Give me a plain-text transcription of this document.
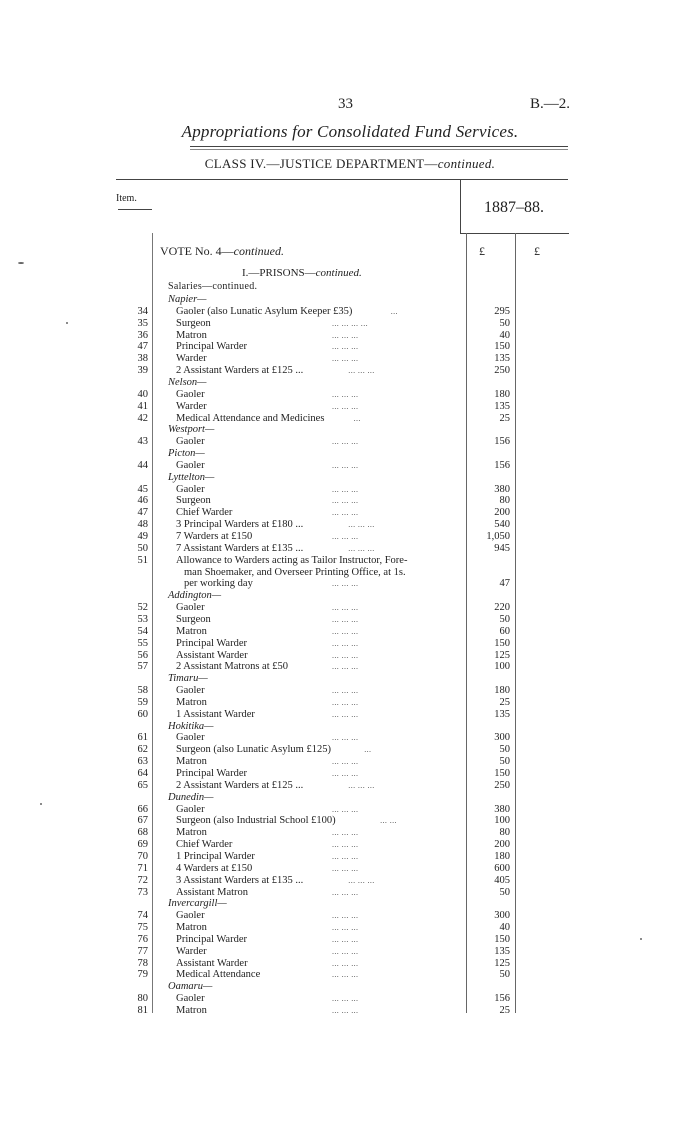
33	B.—2.
Appropriations for Consolidated Fund Services.
CLASS IV.—JUSTICE DEPARTMENT—continued.
Item.
1887–88.
VOTE No. 4—continued.	£	£
I.—PRISONS—continued.
Salaries—continued.
Napier—
34	Gaoler (also Lunatic Asylum Keeper £35)	...	295
35	Surgeon	... ... ... ...	50
36	Matron	... ... ...	40
47	Principal Warder	... ... ...	150
38	Warder	... ... ...	135
39	2 Assistant Warders at £125 ...	... ... ...	250
Nelson—
40	Gaoler	... ... ...	180
41	Warder	... ... ...	135
42	Medical Attendance and Medicines	...	25
Westport—
43	Gaoler	... ... ...	156
Picton—
44	Gaoler	... ... ...	156
Lyttelton—
45	Gaoler	... ... ...	380
46	Surgeon	... ... ...	80
47	Chief Warder	... ... ...	200
48	3 Principal Warders at £180 ...	... ... ...	540
49	7 Warders at £150	... ... ...	1,050
50	7 Assistant Warders at £135 ...	... ... ...	945
51	Allowance to Warders acting as Tailor Instructor, Fore-
man Shoemaker, and Overseer Printing Office, at 1s.
per working day	... ... ...	47
Addington—
52	Gaoler	... ... ...	220
53	Surgeon	... ... ...	50
54	Matron	... ... ...	60
55	Principal Warder	... ... ...	150
56	Assistant Warder	... ... ...	125
57	2 Assistant Matrons at £50	... ... ...	100
Timaru—
58	Gaoler	... ... ...	180
59	Matron	... ... ...	25
60	1 Assistant Warder	... ... ...	135
Hokitika—
61	Gaoler	... ... ...	300
62	Surgeon (also Lunatic Asylum £125)	...	50
63	Matron	... ... ...	50
64	Principal Warder	... ... ...	150
65	2 Assistant Warders at £125 ...	... ... ...	250
Dunedin—
66	Gaoler	... ... ...	380
67	Surgeon (also Industrial School £100)	... ...	100
68	Matron	... ... ...	80
69	Chief Warder	... ... ...	200
70	1 Principal Warder	... ... ...	180
71	4 Warders at £150	... ... ...	600
72	3 Assistant Warders at £135 ...	... ... ...	405
73	Assistant Matron	... ... ...	50
Invercargill—
74	Gaoler	... ... ...	300
75	Matron	... ... ...	40
76	Principal Warder	... ... ...	150
77	Warder	... ... ...	135
78	Assistant Warder	... ... ...	125
79	Medical Attendance	... ... ...	50
Oamaru—
80	Gaoler	... ... ...	156
81	Matron	... ... ...	25
